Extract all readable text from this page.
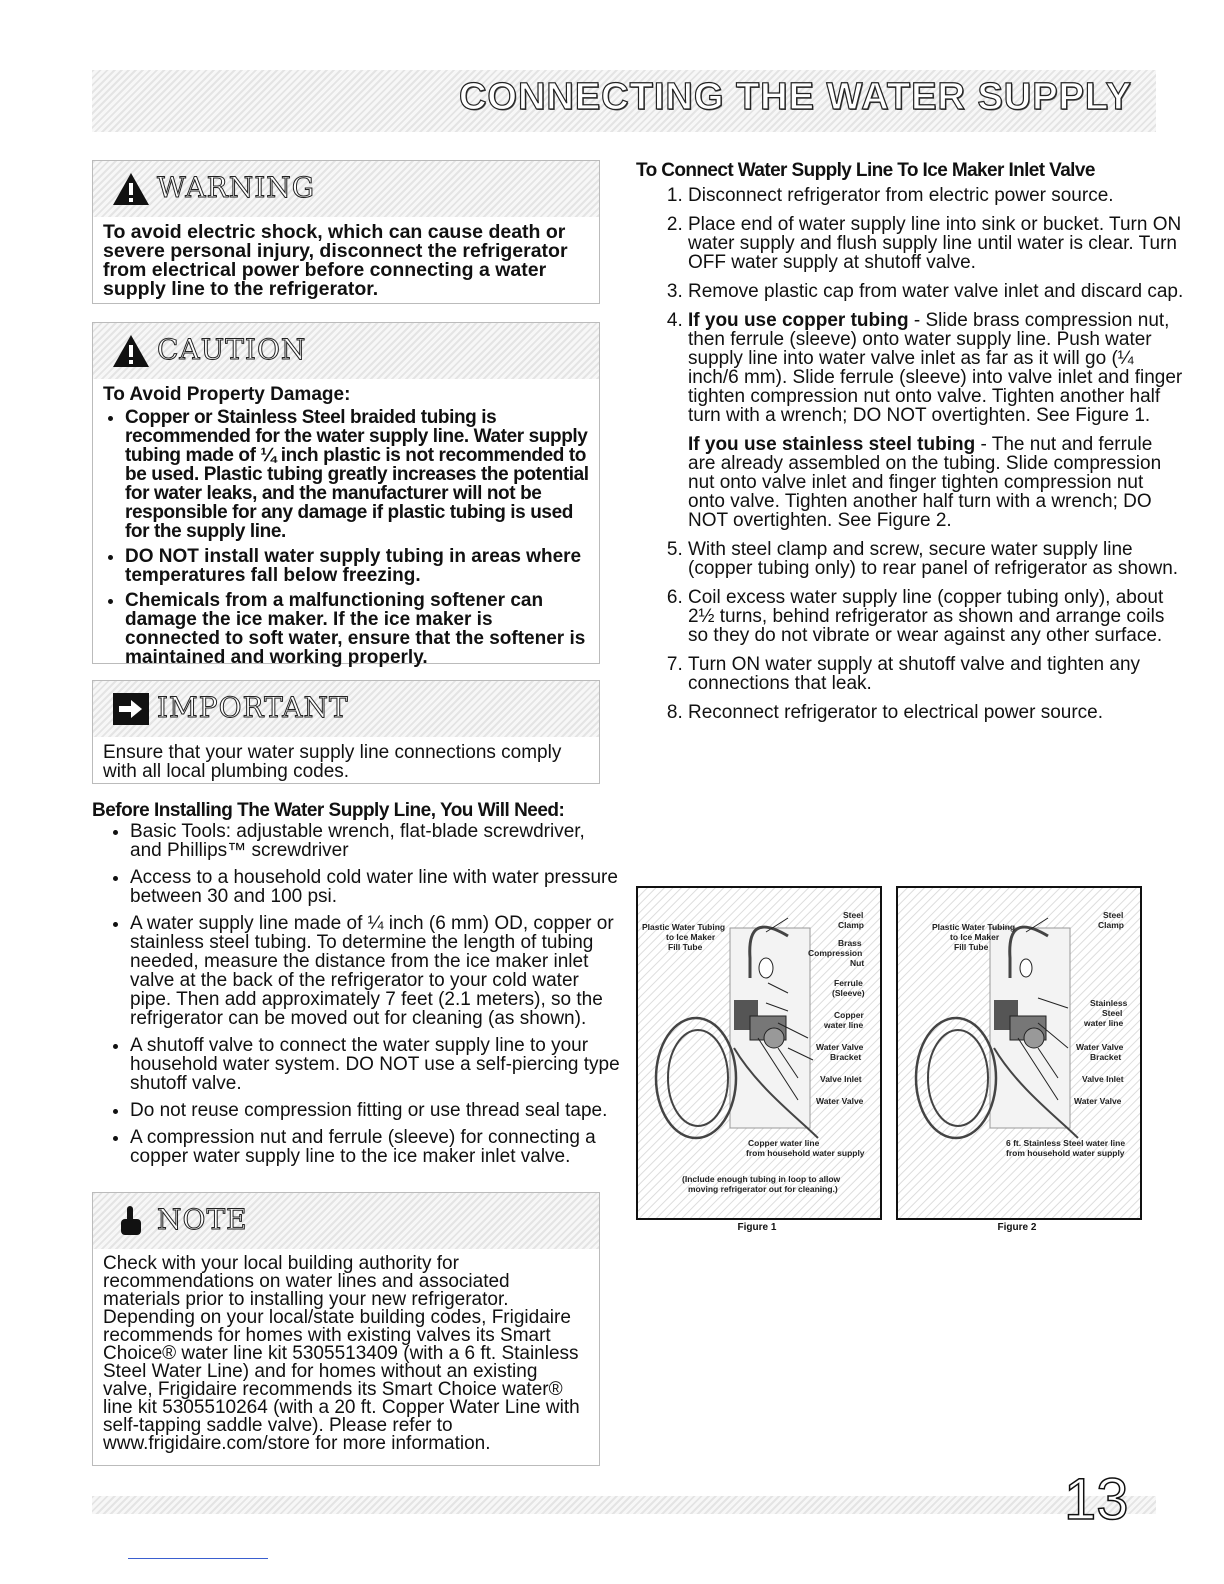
CONNECTING THE WATER SUPPLY
WARNING
To avoid electric shock, which can cause death or severe personal injury, disconnect the refrigerator from electrical power before connecting a water supply line to the refrigerator.
CAUTION
To Avoid Property Damage:
• Copper or Stainless Steel braided tubing is recommended for the water supply line. Water supply tubing made of ¼ inch plastic is not recommended to be used. Plastic tubing greatly increases the potential for water leaks, and the manufacturer will not be responsible for any damage if plastic tubing is used for the supply line.
• DO NOT install water supply tubing in areas where temperatures fall below freezing.
• Chemicals from a malfunctioning softener can damage the ice maker. If the ice maker is connected to soft water, ensure that the softener is maintained and working properly.
IMPORTANT
Ensure that your water supply line connections comply with all local plumbing codes.
Before Installing The Water Supply Line, You Will Need:
• Basic Tools: adjustable wrench, flat-blade screwdriver, and Phillips™ screwdriver
• Access to a household cold water line with water pressure between 30 and 100 psi.
• A water supply line made of ¼ inch (6 mm) OD, copper or stainless steel tubing. To determine the length of tubing needed, measure the distance from the ice maker inlet valve at the back of the refrigerator to your cold water pipe. Then add approximately 7 feet (2.1 meters), so the refrigerator can be moved out for cleaning (as shown).
• A shutoff valve to connect the water supply line to your household water system. DO NOT use a self-piercing type shutoff valve.
• Do not reuse compression fitting or use thread seal tape.
• A compression nut and ferrule (sleeve) for connecting a copper water supply line to the ice maker inlet valve.
NOTE
Check with your local building authority for recommendations on water lines and associated materials prior to installing your new refrigerator. Depending on your local/state building codes, Frigidaire recommends for homes with existing valves its Smart Choice® water line kit 5305513409 (with a 6 ft. Stainless Steel Water Line) and for homes without an existing valve, Frigidaire recommends its Smart Choice water® line kit 5305510264 (with a 20 ft. Copper Water Line with self-tapping saddle valve). Please refer to www.frigidaire.com/store for more information.
To Connect Water Supply Line To Ice Maker Inlet Valve
1. Disconnect refrigerator from electric power source.
2. Place end of water supply line into sink or bucket. Turn ON water supply and flush supply line until water is clear. Turn OFF water supply at shutoff valve.
3. Remove plastic cap from water valve inlet and discard cap.
4. If you use copper tubing - Slide brass compression nut, then ferrule (sleeve) onto water supply line. Push water supply line into water valve inlet as far as it will go (¼ inch/6 mm). Slide ferrule (sleeve) into valve inlet and finger tighten compression nut onto valve. Tighten another half turn with a wrench; DO NOT overtighten. See Figure 1.
If you use stainless steel tubing - The nut and ferrule are already assembled on the tubing. Slide compression nut onto valve inlet and finger tighten compression nut onto valve. Tighten another half turn with a wrench; DO NOT overtighten. See Figure 2.
5. With steel clamp and screw, secure water supply line (copper tubing only) to rear panel of refrigerator as shown.
6. Coil excess water supply line (copper tubing only), about 2½ turns, behind refrigerator as shown and arrange coils so they do not vibrate or wear against any other surface.
7. Turn ON water supply at shutoff valve and tighten any connections that leak.
8. Reconnect refrigerator to electrical power source.
Plastic Water Tubing
to Ice Maker
Fill Tube
Steel
Clamp
Brass
Compression
Nut
Ferrule
(Sleeve)
Copper
water line
Water Valve
Bracket
Valve Inlet
Water Valve
Copper water line
from household water supply
(Include enough tubing in loop to allow
moving refrigerator out for cleaning.)
Figure 1
Plastic Water Tubing
to Ice Maker
Fill Tube
Steel
Clamp
Stainless
Steel
water line
Water Valve
Bracket
Valve Inlet
Water Valve
6 ft. Stainless Steel water line
from household water supply
Figure 2
13
